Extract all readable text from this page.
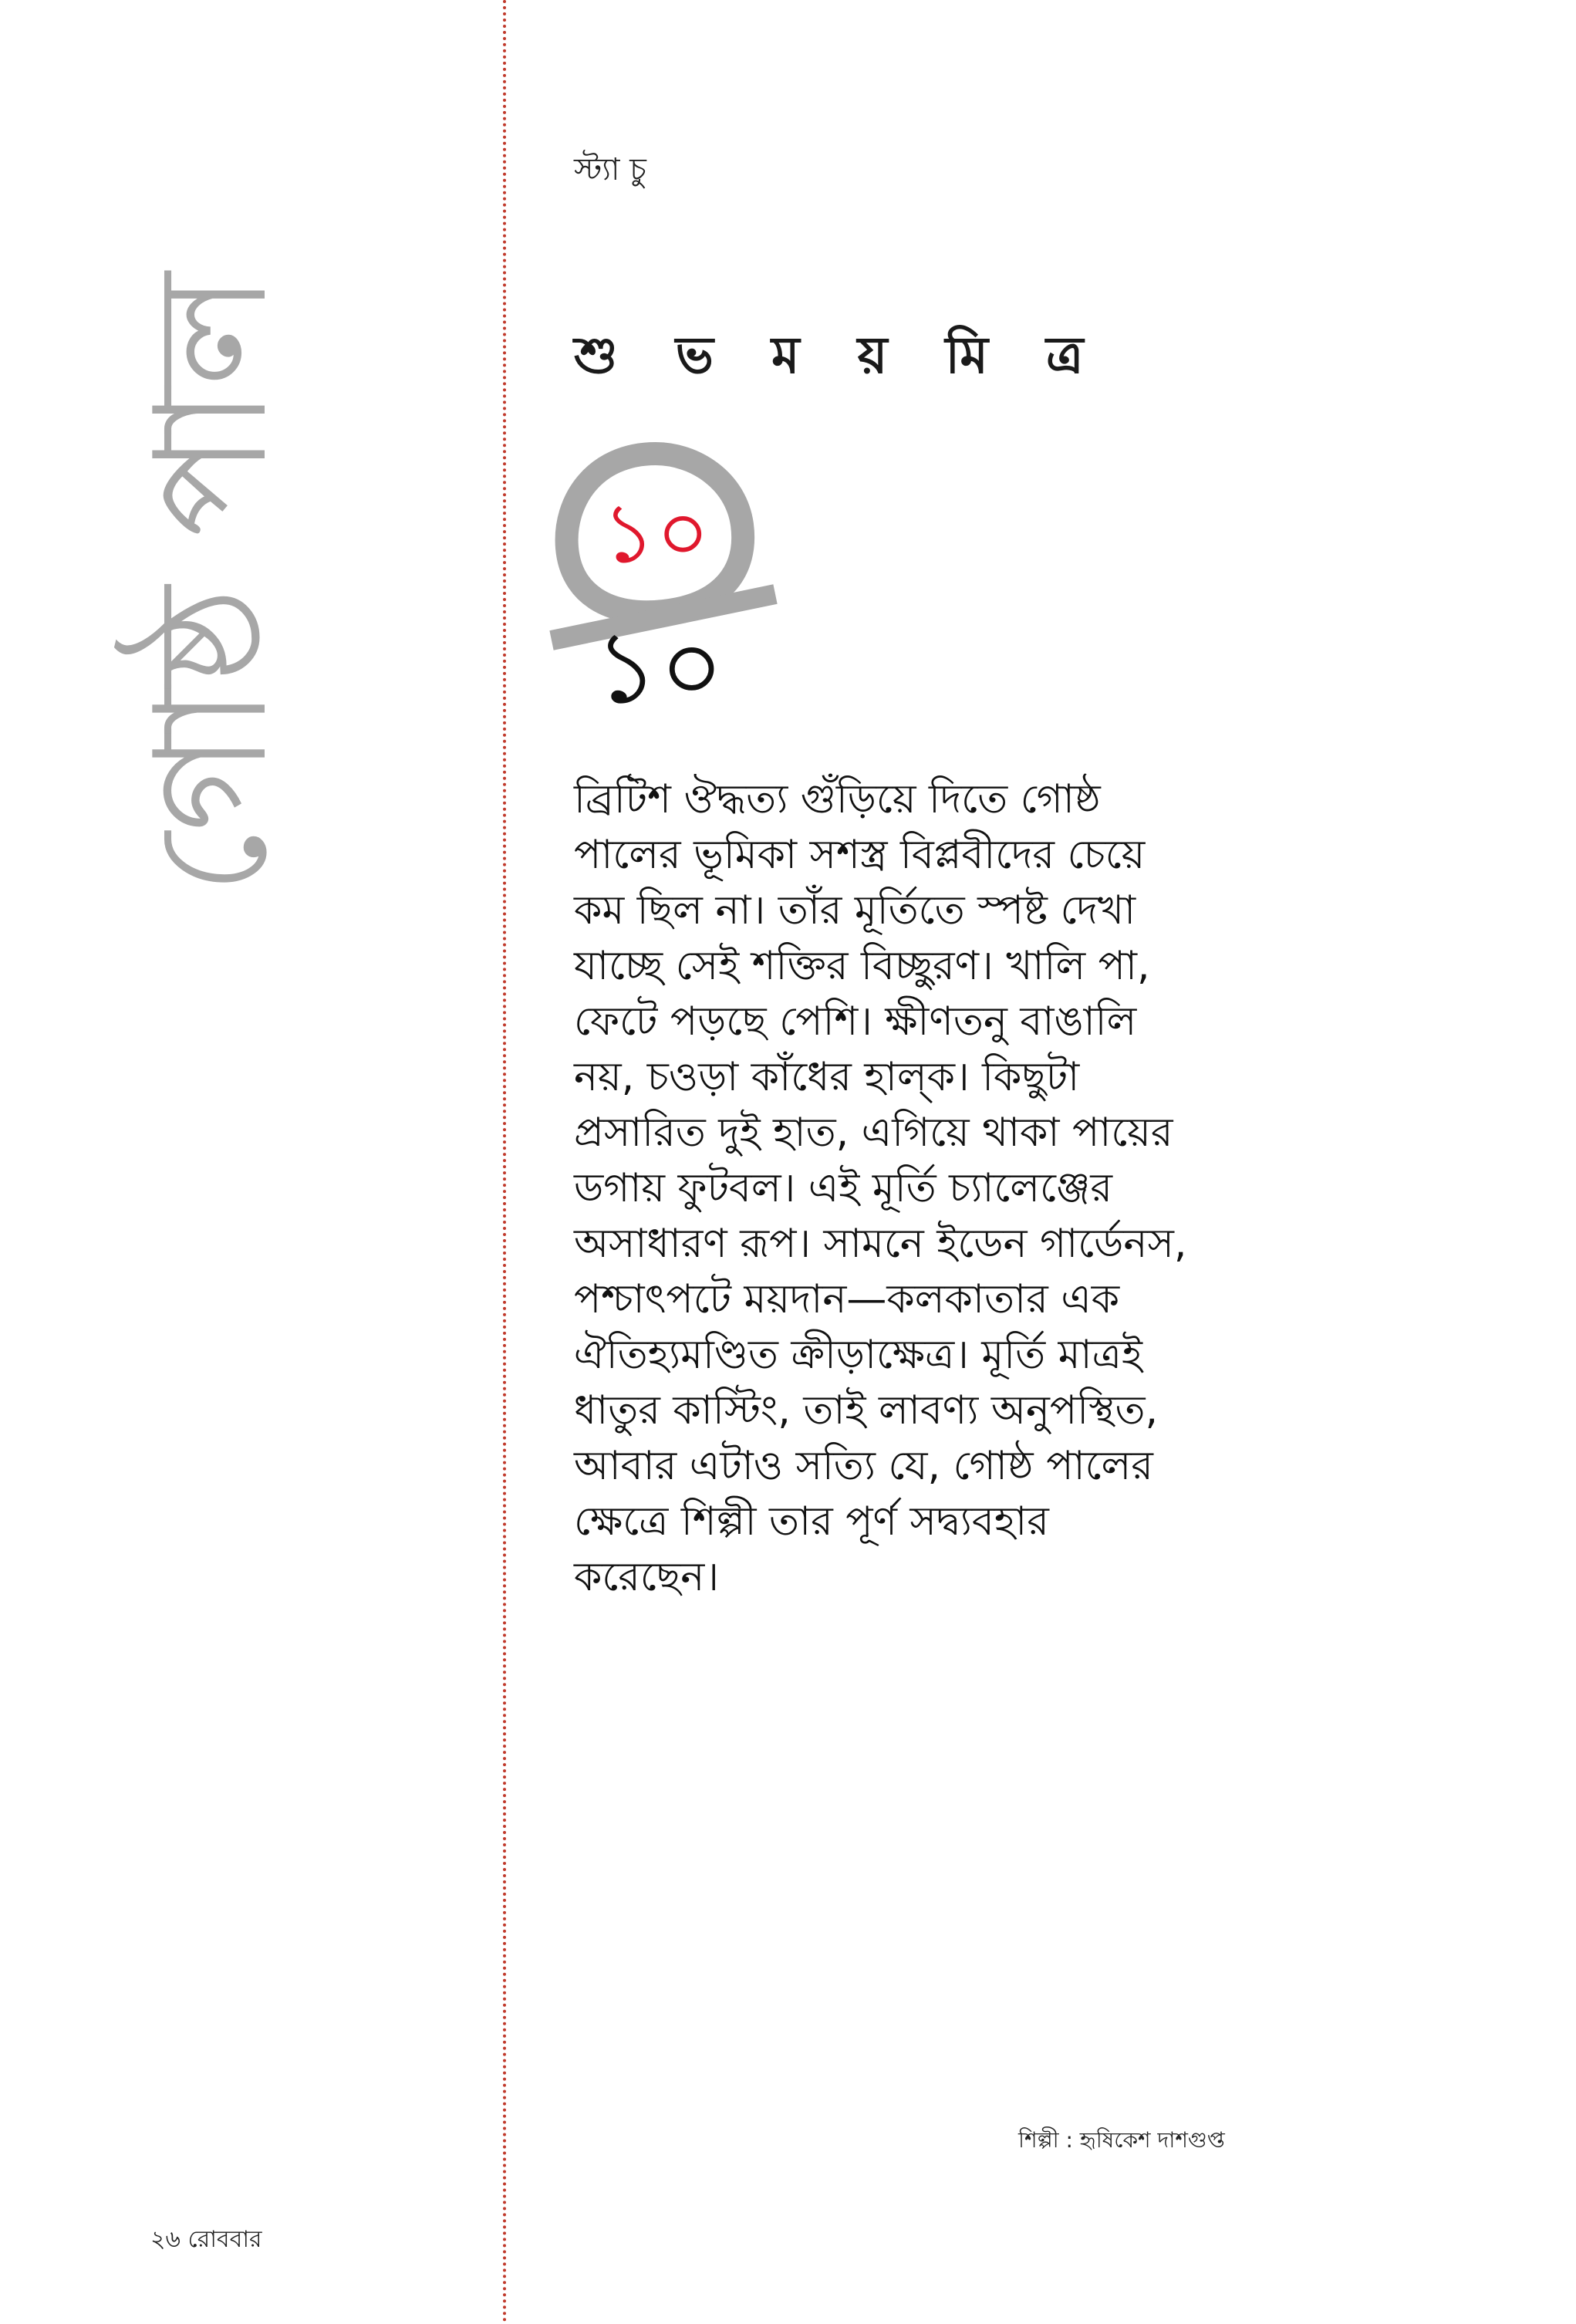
গোষ্ঠ পাল
স্ট্যা চু
শু ভ ম য় মি ত্র
১০
১০
ব্রিটিশ ঔদ্ধত্য গুঁড়িয়ে দিতে গোষ্ঠ
পালের ভূমিকা সশস্ত্র বিপ্লবীদের চেয়ে
কম ছিল না। তাঁর মূর্তিতে স্পষ্ট দেখা
যাচ্ছে সেই শক্তির বিচ্ছুরণ। খালি পা,
ফেটে পড়ছে পেশি। ক্ষীণতনু বাঙালি
নয়, চওড়া কাঁধের হাল্‌ক। কিছুটা
প্রসারিত দুই হাত, এগিয়ে থাকা পায়ের
ডগায় ফুটবল। এই মূর্তি চ্যালেঞ্জের
অসাধারণ রূপ। সামনে ইডেন গার্ডেনস,
পশ্চাৎপটে ময়দান—কলকাতার এক
ঐতিহ্যমণ্ডিত ক্রীড়াক্ষেত্র। মূর্তি মাত্রই
ধাতুর কাস্টিং, তাই লাবণ্য অনুপস্থিত,
আবার এটাও সত্যি যে, গোষ্ঠ পালের
ক্ষেত্রে শিল্পী তার পূর্ণ সদ্ব্যবহার
করেছেন।
শিল্পী : হৃষিকেশ দাশগুপ্ত
২৬ রোববার
